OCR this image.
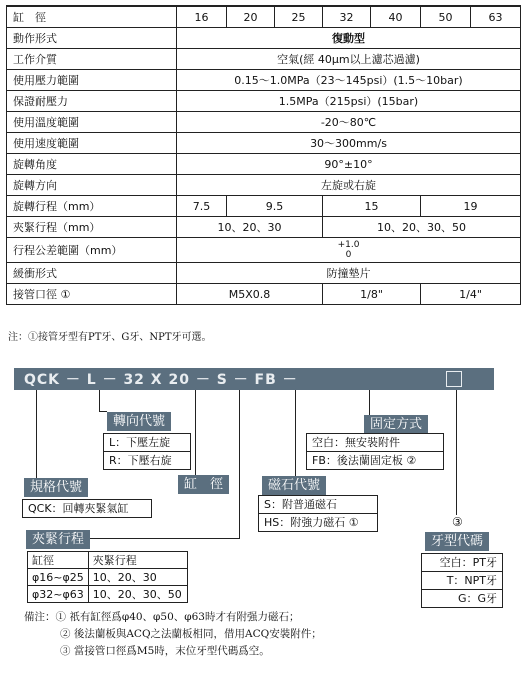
缸　徑	16	20	25	32	40	50	63
動作形式	復動型						
工作介質	空氣(經 40μm以上濾芯過濾)						
使用壓力範圍	0.15～1.0MPa（23～145psi）(1.5～10bar)						
保證耐壓力	1.5MPa（215psi）(15bar)						
使用溫度範圍	-20～80℃						
使用速度範圍	30～300mm/s						
旋轉角度	90°±10°						
旋轉方向	左旋或右旋						
旋轉行程（mm）	7.5	9.5		15		19	
夾緊行程（mm）	10、20、30			10、20、30、50			
行程公差範圍（mm）	+1.0
0						
緩衝形式	防撞墊片						
接管口徑 ①	M5X0.8			1/8"		1/4"	
注：①接管牙型有PT牙、G牙、NPT牙可選。
QCK － L － 32 X 20 － S － FB －
轉向代號
L：下壓左旋
R：下壓右旋
固定方式
空白：無安裝附件
FB：後法蘭固定板 ②
規格代號
QCK：回轉夾緊氣缸
缸　徑	磁石代號
S：附普通磁石
HS：附強力磁石 ①
夾緊行程
缸徑	夾緊行程
φ16~φ25	10、20、30
φ32~φ63	10、20、30、50
③
牙型代碼
空白：PT牙
T：NPT牙
G：G牙
備注：① 祇有缸徑爲φ40、φ50、φ63時才有附强力磁石；
② 後法蘭板與ACQ之法蘭板相同，借用ACQ安裝附件；
③ 當接管口徑爲M5時，末位牙型代碼爲空。
